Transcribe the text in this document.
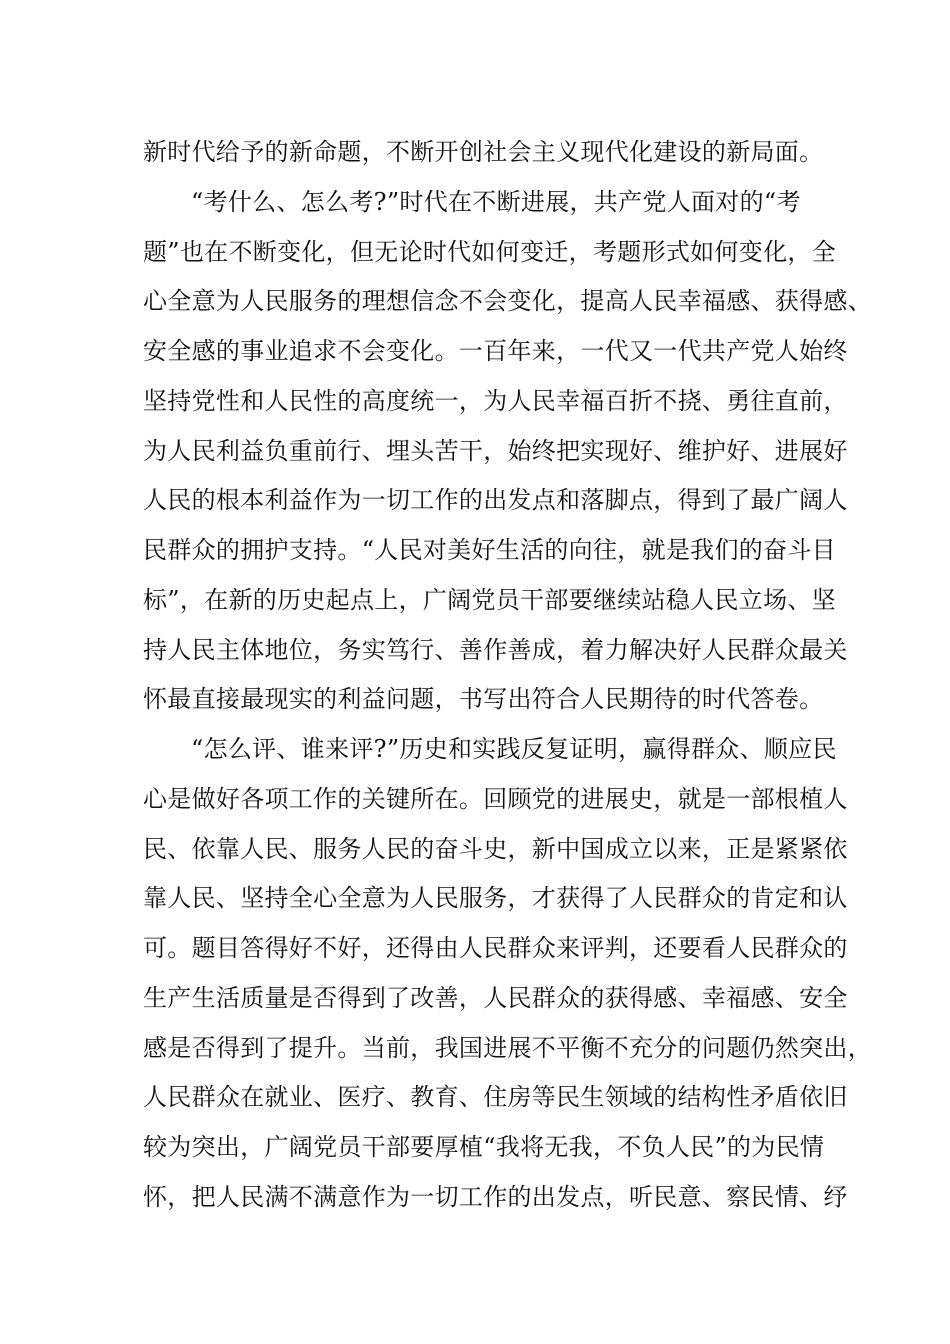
新时代给予的新命题，不断开创社会主义现代化建设的新局面。
“考什么、怎么考?”时代在不断进展，共产党人面对的“考
题”也在不断变化，但无论时代如何变迁，考题形式如何变化，全
心全意为人民服务的理想信念不会变化，提高人民幸福感、获得感、
安全感的事业追求不会变化。一百年来，一代又一代共产党人始终
坚持党性和人民性的高度统一，为人民幸福百折不挠、勇往直前，
为人民利益负重前行、埋头苦干，始终把实现好、维护好、进展好
人民的根本利益作为一切工作的出发点和落脚点，得到了最广阔人
民群众的拥护支持。“人民对美好生活的向往，就是我们的奋斗目
标”，在新的历史起点上，广阔党员干部要继续站稳人民立场、坚
持人民主体地位，务实笃行、善作善成，着力解决好人民群众最关
怀最直接最现实的利益问题，书写出符合人民期待的时代答卷。
“怎么评、谁来评?”历史和实践反复证明，赢得群众、顺应民
心是做好各项工作的关键所在。回顾党的进展史，就是一部根植人
民、依靠人民、服务人民的奋斗史，新中国成立以来，正是紧紧依
靠人民、坚持全心全意为人民服务，才获得了人民群众的肯定和认
可。题目答得好不好，还得由人民群众来评判，还要看人民群众的
生产生活质量是否得到了改善，人民群众的获得感、幸福感、安全
感是否得到了提升。当前，我国进展不平衡不充分的问题仍然突出，
人民群众在就业、医疗、教育、住房等民生领域的结构性矛盾依旧
较为突出，广阔党员干部要厚植“我将无我，不负人民”的为民情
怀，把人民满不满意作为一切工作的出发点，听民意、察民情、纾
